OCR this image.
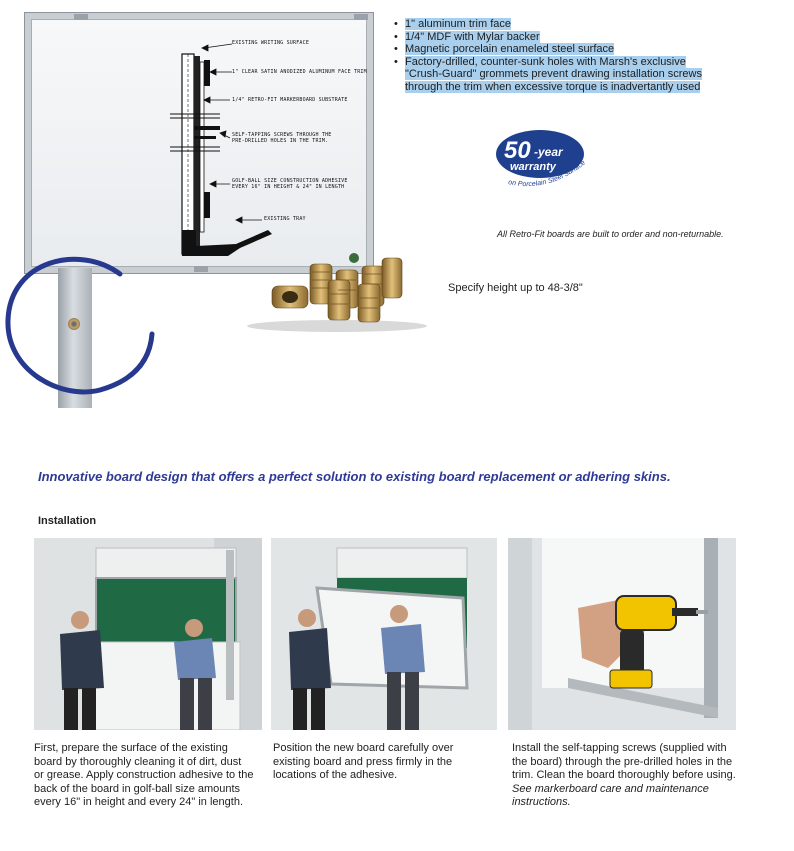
EXISTING WRITING SURFACE
1" CLEAR SATIN ANODIZED ALUMINUM FACE TRIM
1/4" RETRO-FIT MARKERBOARD SUBSTRATE
SELF-TAPPING SCREWS THROUGH THE
PRE-DRILLED HOLES IN THE TRIM.
GOLF-BALL SIZE CONSTRUCTION ADHESIVE
EVERY 16" IN HEIGHT & 24" IN LENGTH
EXISTING TRAY
• 1" aluminum trim face
• 1/4" MDF with Mylar backer
• Magnetic porcelain enameled steel surface
• Factory-drilled, counter-sunk holes with Marsh's exclusive "Crush-Guard" grommets prevent drawing installation screws through the trim when excessive torque is inadvertantly used
50 -year
warranty
on Porcelain Steel Surface
All Retro-Fit boards are built to order and non-returnable.
Specify height up to 48-3/8"
Innovative board design that offers a perfect solution to existing board replacement or adhering skins.
Installation
First, prepare the surface of the existing board by thoroughly cleaning it of dirt, dust or grease. Apply construction adhesive to the back of the board in golf-ball size amounts every 16" in height and every 24" in length.
Position the new board carefully over existing board and press firmly in the locations of the adhesive.
Install the self-tapping screws (supplied with the board) through the pre-drilled holes in the trim. Clean the board thoroughly before using.
See markerboard care and maintenance instructions.
